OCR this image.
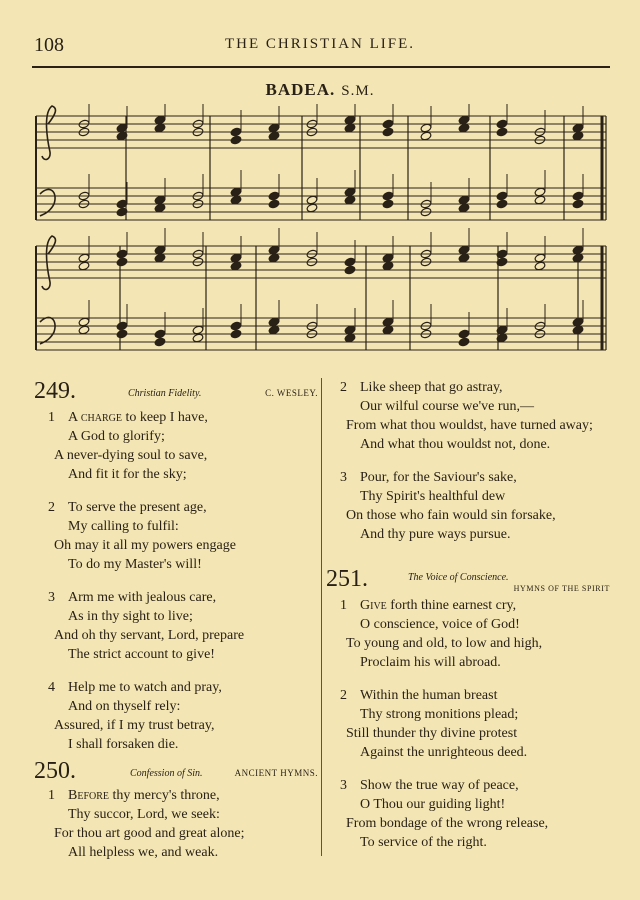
108	THE CHRISTIAN LIFE.
BADEA. S.M.
249.	Christian Fidelity.	C. WESLEY.
1 A charge to keep I have,
A God to glorify;
A never-dying soul to save,
And fit it for the sky;
2 To serve the present age,
My calling to fulfil:
Oh may it all my powers engage
To do my Master's will!
3 Arm me with jealous care,
As in thy sight to live;
And oh thy servant, Lord, prepare
The strict account to give!
4 Help me to watch and pray,
And on thyself rely:
Assured, if I my trust betray,
I shall forsaken die.
250.	Confession of Sin.	ANCIENT HYMNS.
1 Before thy mercy's throne,
Thy succor, Lord, we seek:
For thou art good and great alone;
All helpless we, and weak.
2 Like sheep that go astray,
Our wilful course we've run,—
From what thou wouldst, have turned away;
And what thou wouldst not, done.
3 Pour, for the Saviour's sake,
Thy Spirit's healthful dew
On those who fain would sin forsake,
And thy pure ways pursue.
251.	The Voice of Conscience.
HYMNS OF THE SPIRIT
1 Give forth thine earnest cry,
O conscience, voice of God!
To young and old, to low and high,
Proclaim his will abroad.
2 Within the human breast
Thy strong monitions plead;
Still thunder thy divine protest
Against the unrighteous deed.
3 Show the true way of peace,
O Thou our guiding light!
From bondage of the wrong release,
To service of the right.
